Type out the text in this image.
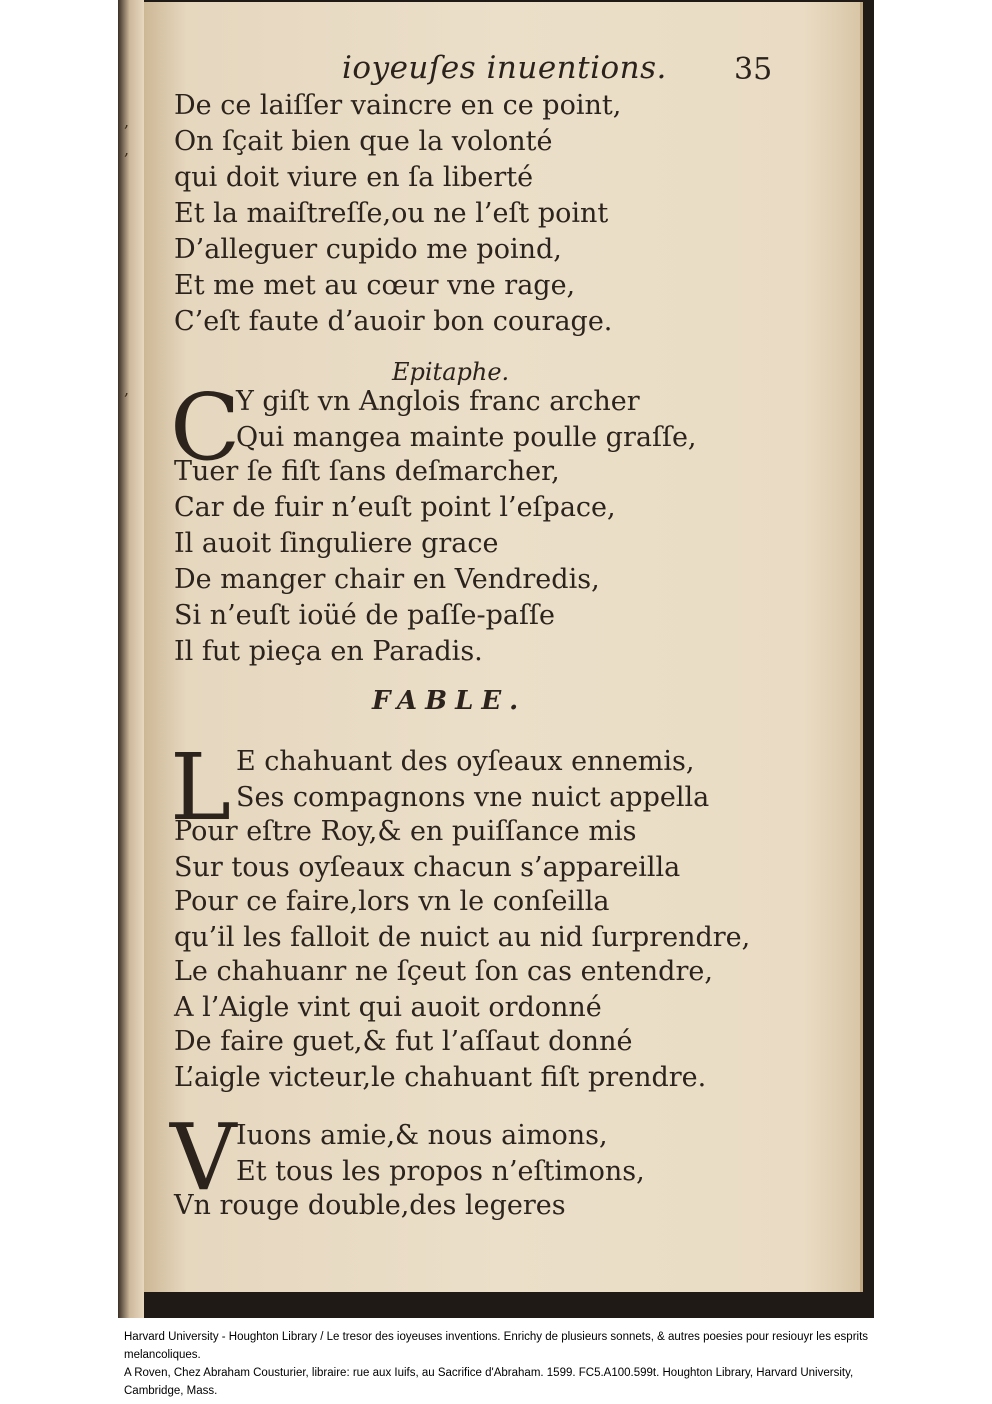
,
,
,
ioyeuſes inuentions. 35
De ce laiſſer vaincre en ce point,
On ſçait bien que la volonté
qui doit viure en ſa liberté
Et la maiſtreſſe,ou ne l’eſt point
D’alleguer cupido me poind,
Et me met au cœur vne rage,
C’eſt faute d’auoir bon courage.
Epitaphe.
C
Y giſt vn Anglois franc archer
Qui mangea mainte poulle graſſe,
Tuer ſe fiſt ſans deſmarcher,
Car de fuir n’euſt point l’eſpace,
Il auoit ſinguliere grace
De manger chair en Vendredis,
Si n’euſt ioüé de paſſe-paſſe
Il fut pieça en Paradis.
FABLE.
L E chahuant des oyſeaux ennemis,
Ses compagnons vne nuict appella
Pour eſtre Roy,& en puiſſance mis
Sur tous oyſeaux chacun s’appareilla
Pour ce faire,lors vn le conſeilla
qu’il les falloit de nuict au nid ſurprendre,
Le chahuanr ne ſçeut ſon cas entendre,
A l’Aigle vint qui auoit ordonné
De faire guet,& fut l’aſſaut donné
L’aigle victeur,le chahuant fiſt prendre.
V Iuons amie,& nous aimons,
Et tous les propos n’eſtimons,
Vn rouge double,des legeres
Harvard University - Houghton Library / Le tresor des ioyeuses inventions. Enrichy de plusieurs sonnets, & autres poesies pour resiouyr les esprits melancoliques.
A Roven, Chez Abraham Cousturier, libraire: rue aux Iuifs, au Sacrifice d'Abraham. 1599. FC5.A100.599t. Houghton Library, Harvard University, Cambridge, Mass.
